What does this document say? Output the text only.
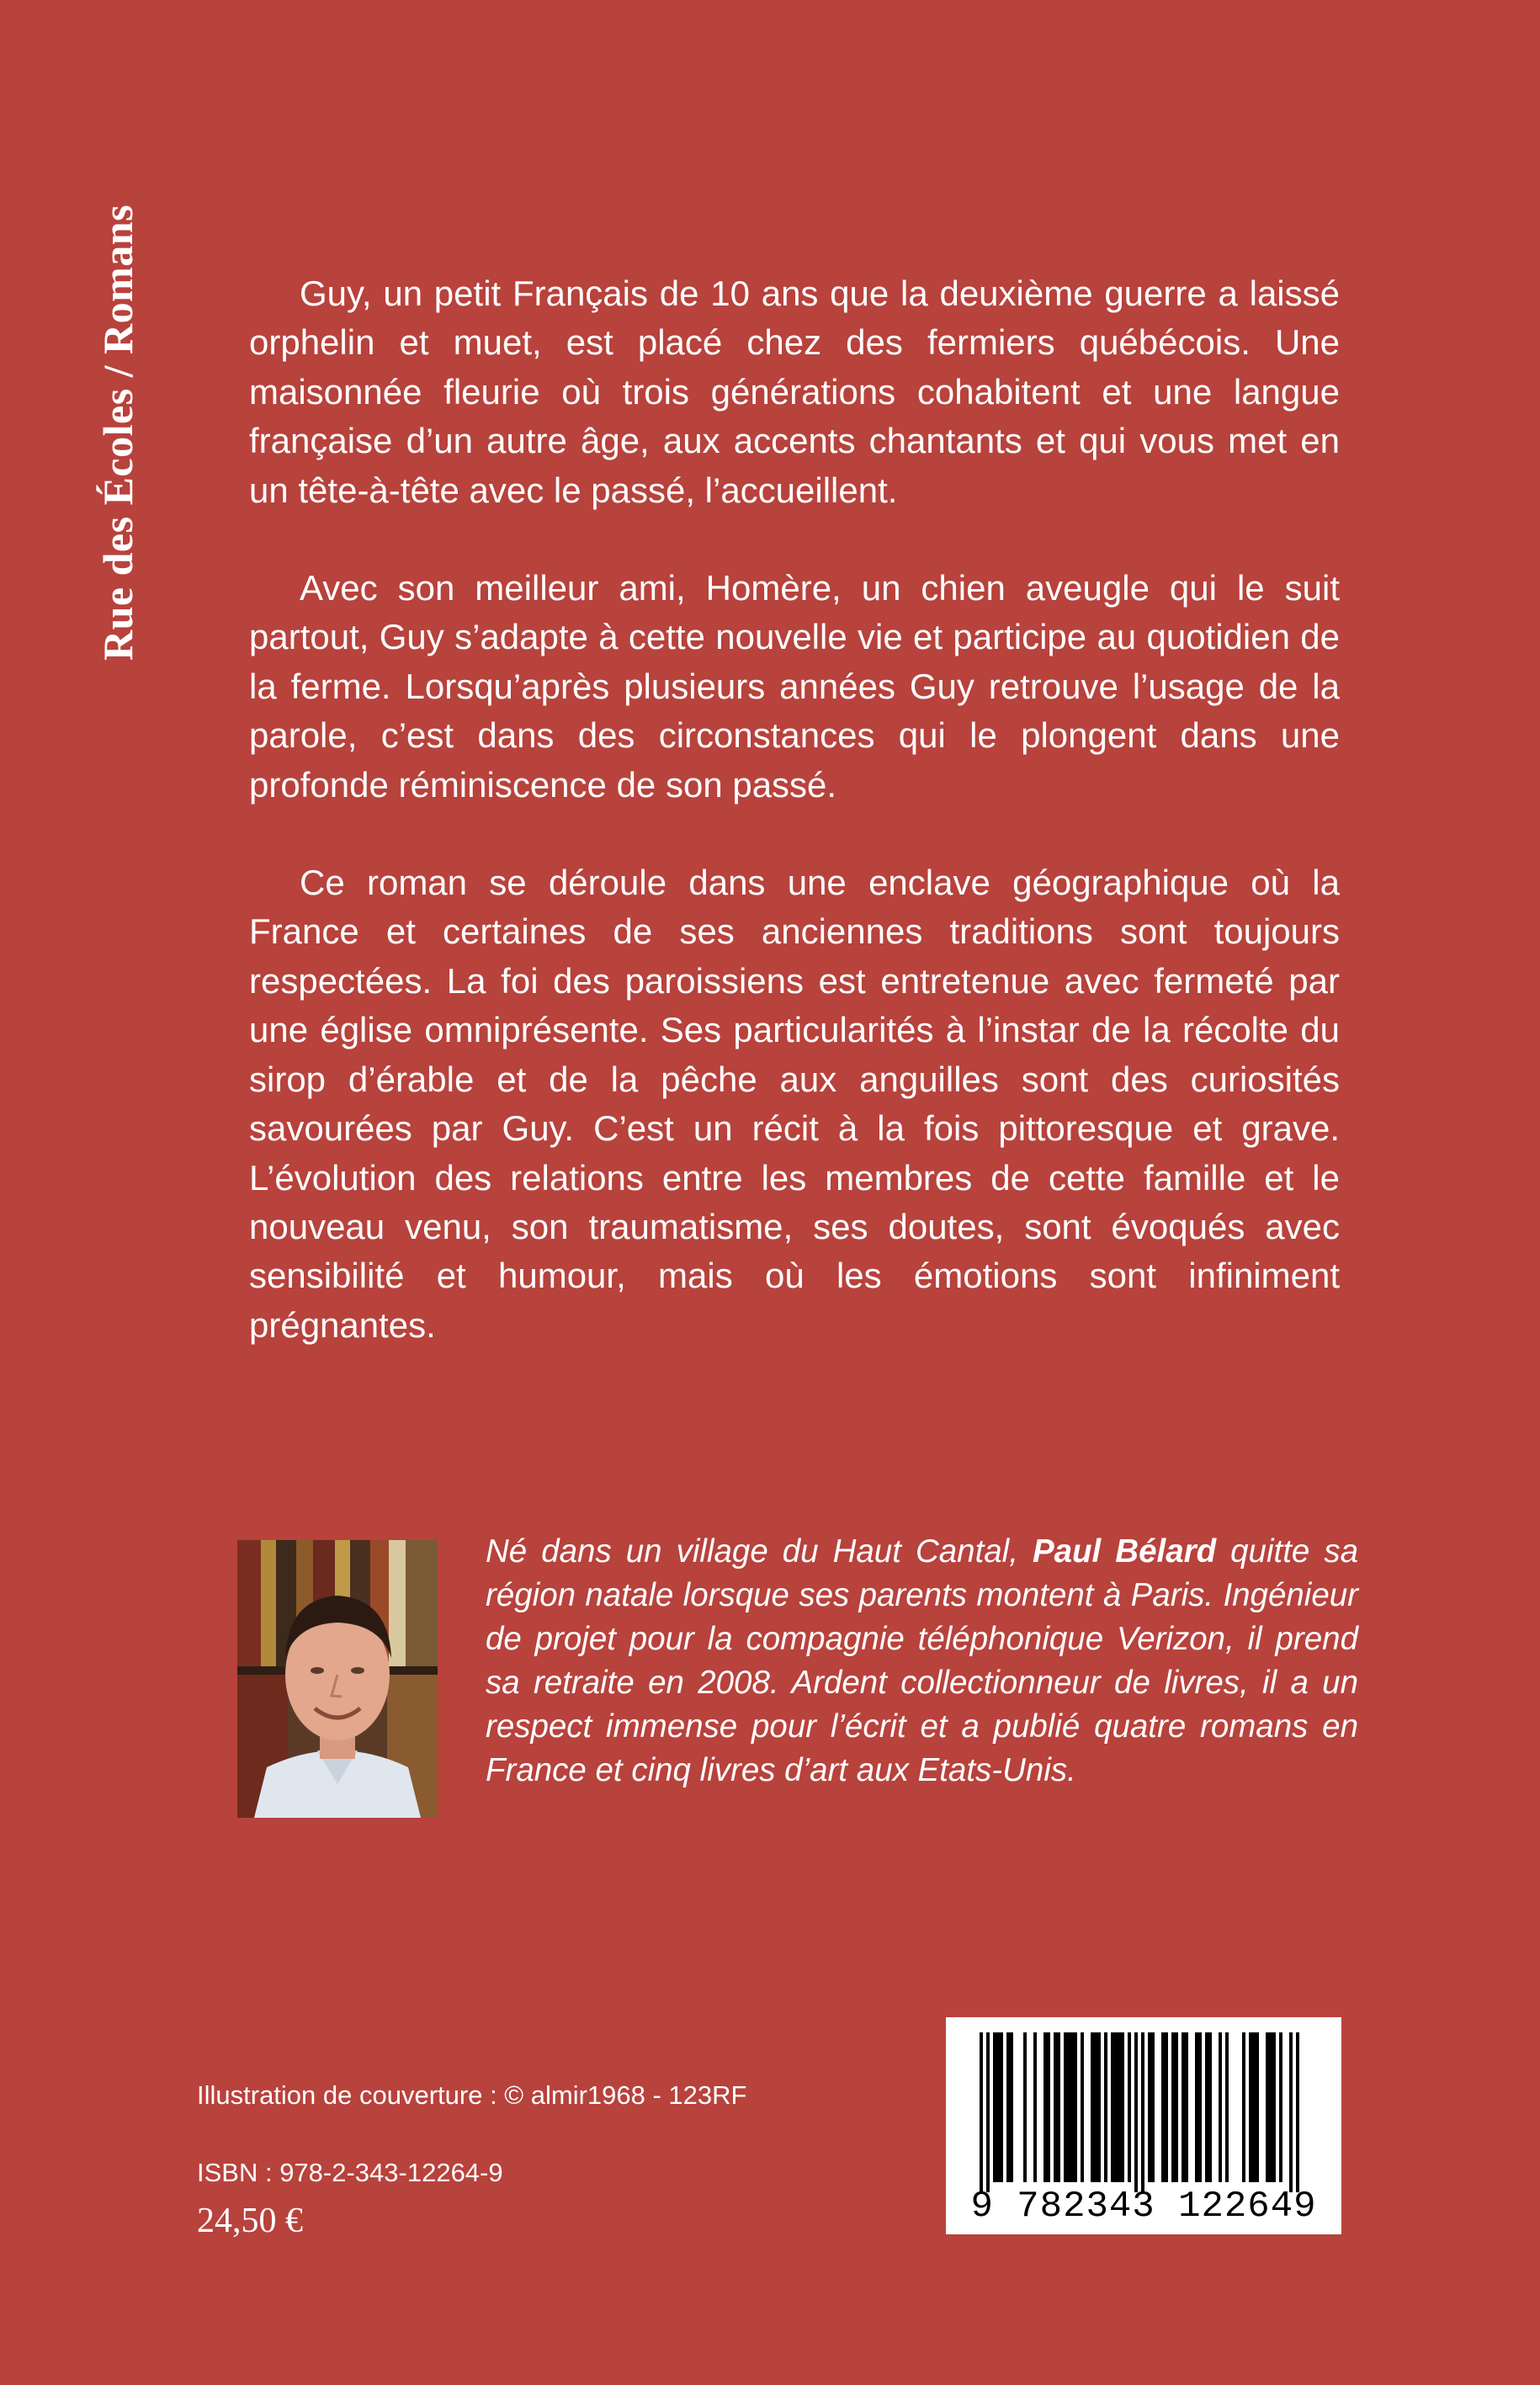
Rue des Écoles / Romans	Guy, un petit Français de 10 ans que la deuxième guerre a laissé orphelin et muet, est placé chez des fermiers québécois. Une maisonnée fleurie où trois générations cohabitent et une langue française d’un autre âge, aux accents chantants et qui vous met en un tête-à-tête avec le passé, l’accueillent.

Avec son meilleur ami, Homère, un chien aveugle qui le suit partout, Guy s’adapte à cette nouvelle vie et participe au quotidien de la ferme. Lorsqu’après plusieurs années Guy retrouve l’usage de la parole, c’est dans des circonstances qui le plongent dans une profonde réminiscence de son passé.

Ce roman se déroule dans une enclave géographique où la France et certaines de ses anciennes traditions sont toujours respectées. La foi des paroissiens est entretenue avec fermeté par une église omniprésente. Ses particularités à l’instar de la récolte du sirop d’érable et de la pêche aux anguilles sont des curiosités savourées par Guy. C’est un récit à la fois pittoresque et grave. L’évolution des relations entre les membres de cette famille et le nouveau venu, son traumatisme, ses doutes, sont évoqués avec sensibilité et humour, mais où les émotions sont infiniment prégnantes.

Né dans un village du Haut Cantal, Paul Bélard quitte sa région natale lorsque ses parents montent à Paris. Ingénieur de projet pour la compagnie téléphonique Verizon, il prend sa retraite en 2008. Ardent collectionneur de livres, il a un respect immense pour l’écrit et a publié quatre romans en France et cinq livres d’art aux Etats-Unis.
Illustration de couverture : © almir1968 - 123RF
ISBN : 978-2-343-12264-9
24,50 €	9 782343 122649
